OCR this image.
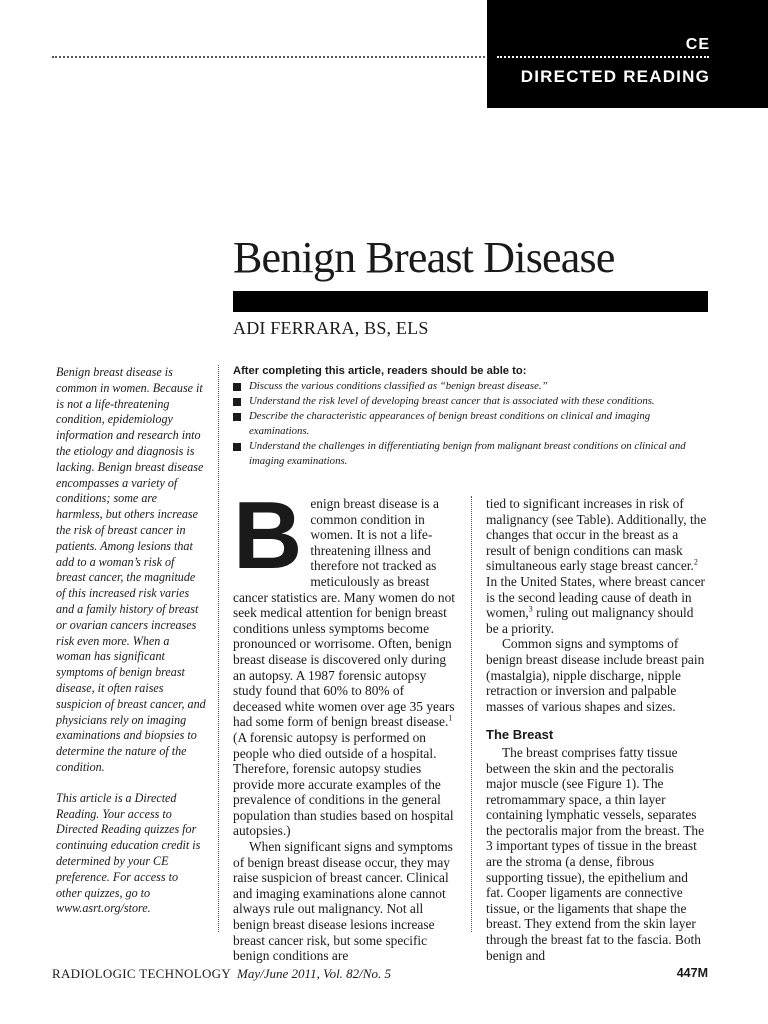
CE
DIRECTED READING
Benign Breast Disease
ADI FERRARA, BS, ELS

Benign breast disease is common in women. Because it is not a life-threatening condition, epidemiology information and research into the etiology and diagnosis is lacking. Benign breast disease encompasses a variety of conditions; some are harmless, but others increase the risk of breast cancer in patients. Among lesions that add to a woman’s risk of breast cancer, the magnitude of this increased risk varies and a family history of breast or ovarian cancers increases risk even more. When a woman has significant symptoms of benign breast disease, it often raises suspicion of breast cancer, and physicians rely on imaging examinations and biopsies to determine the nature of the condition.

This article is a Directed Reading. Your access to Directed Reading quizzes for continuing education credit is determined by your CE preference. For access to other quizzes, go to www.asrt.org/store.

After completing this article, readers should be able to:
Discuss the various conditions classified as “benign breast disease.”
Understand the risk level of developing breast cancer that is associated with these conditions.
Describe the characteristic appearances of benign breast conditions on clinical and imaging examinations.
Understand the challenges in differentiating benign from malignant breast conditions on clinical and imaging examinations.
B enign breast disease is a common condition in women. It is not a life-threatening illness and therefore not tracked as meticulously as breast cancer statistics are. Many women do not seek medical attention for benign breast conditions unless symptoms become pronounced or worrisome. Often, benign breast disease is discovered only during an autopsy. A 1987 forensic autopsy study found that 60% to 80% of deceased white women over age 35 years had some form of benign breast disease.$^1$ (A forensic autopsy is performed on people who died outside of a hospital. Therefore, forensic autopsy studies provide more accurate examples of the prevalence of conditions in the general population than studies based on hospital autopsies.)

When significant signs and symptoms of benign breast disease occur, they may raise suspicion of breast cancer. Clinical and imaging examinations alone cannot always rule out malignancy. Not all benign breast disease lesions increase breast cancer risk, but some specific benign conditions are

tied to significant increases in risk of malignancy (see Table). Additionally, the changes that occur in the breast as a result of benign conditions can mask simultaneous early stage breast cancer.$^2$ In the United States, where breast cancer is the second leading cause of death in women,$^3$ ruling out malignancy should be a priority.

Common signs and symptoms of benign breast disease include breast pain (mastalgia), nipple discharge, nipple retraction or inversion and palpable masses of various shapes and sizes.

The Breast

The breast comprises fatty tissue between the skin and the pectoralis major muscle (see Figure 1). The retromammary space, a thin layer containing lymphatic vessels, separates the pectoralis major from the breast. The 3 important types of tissue in the breast are the stroma (a dense, fibrous supporting tissue), the epithelium and fat. Cooper ligaments are connective tissue, or the ligaments that shape the breast. They extend from the skin layer through the breast fat to the fascia. Both benign and

RADIOLOGIC TECHNOLOGY May/June 2011, Vol. 82/No. 5	447M
